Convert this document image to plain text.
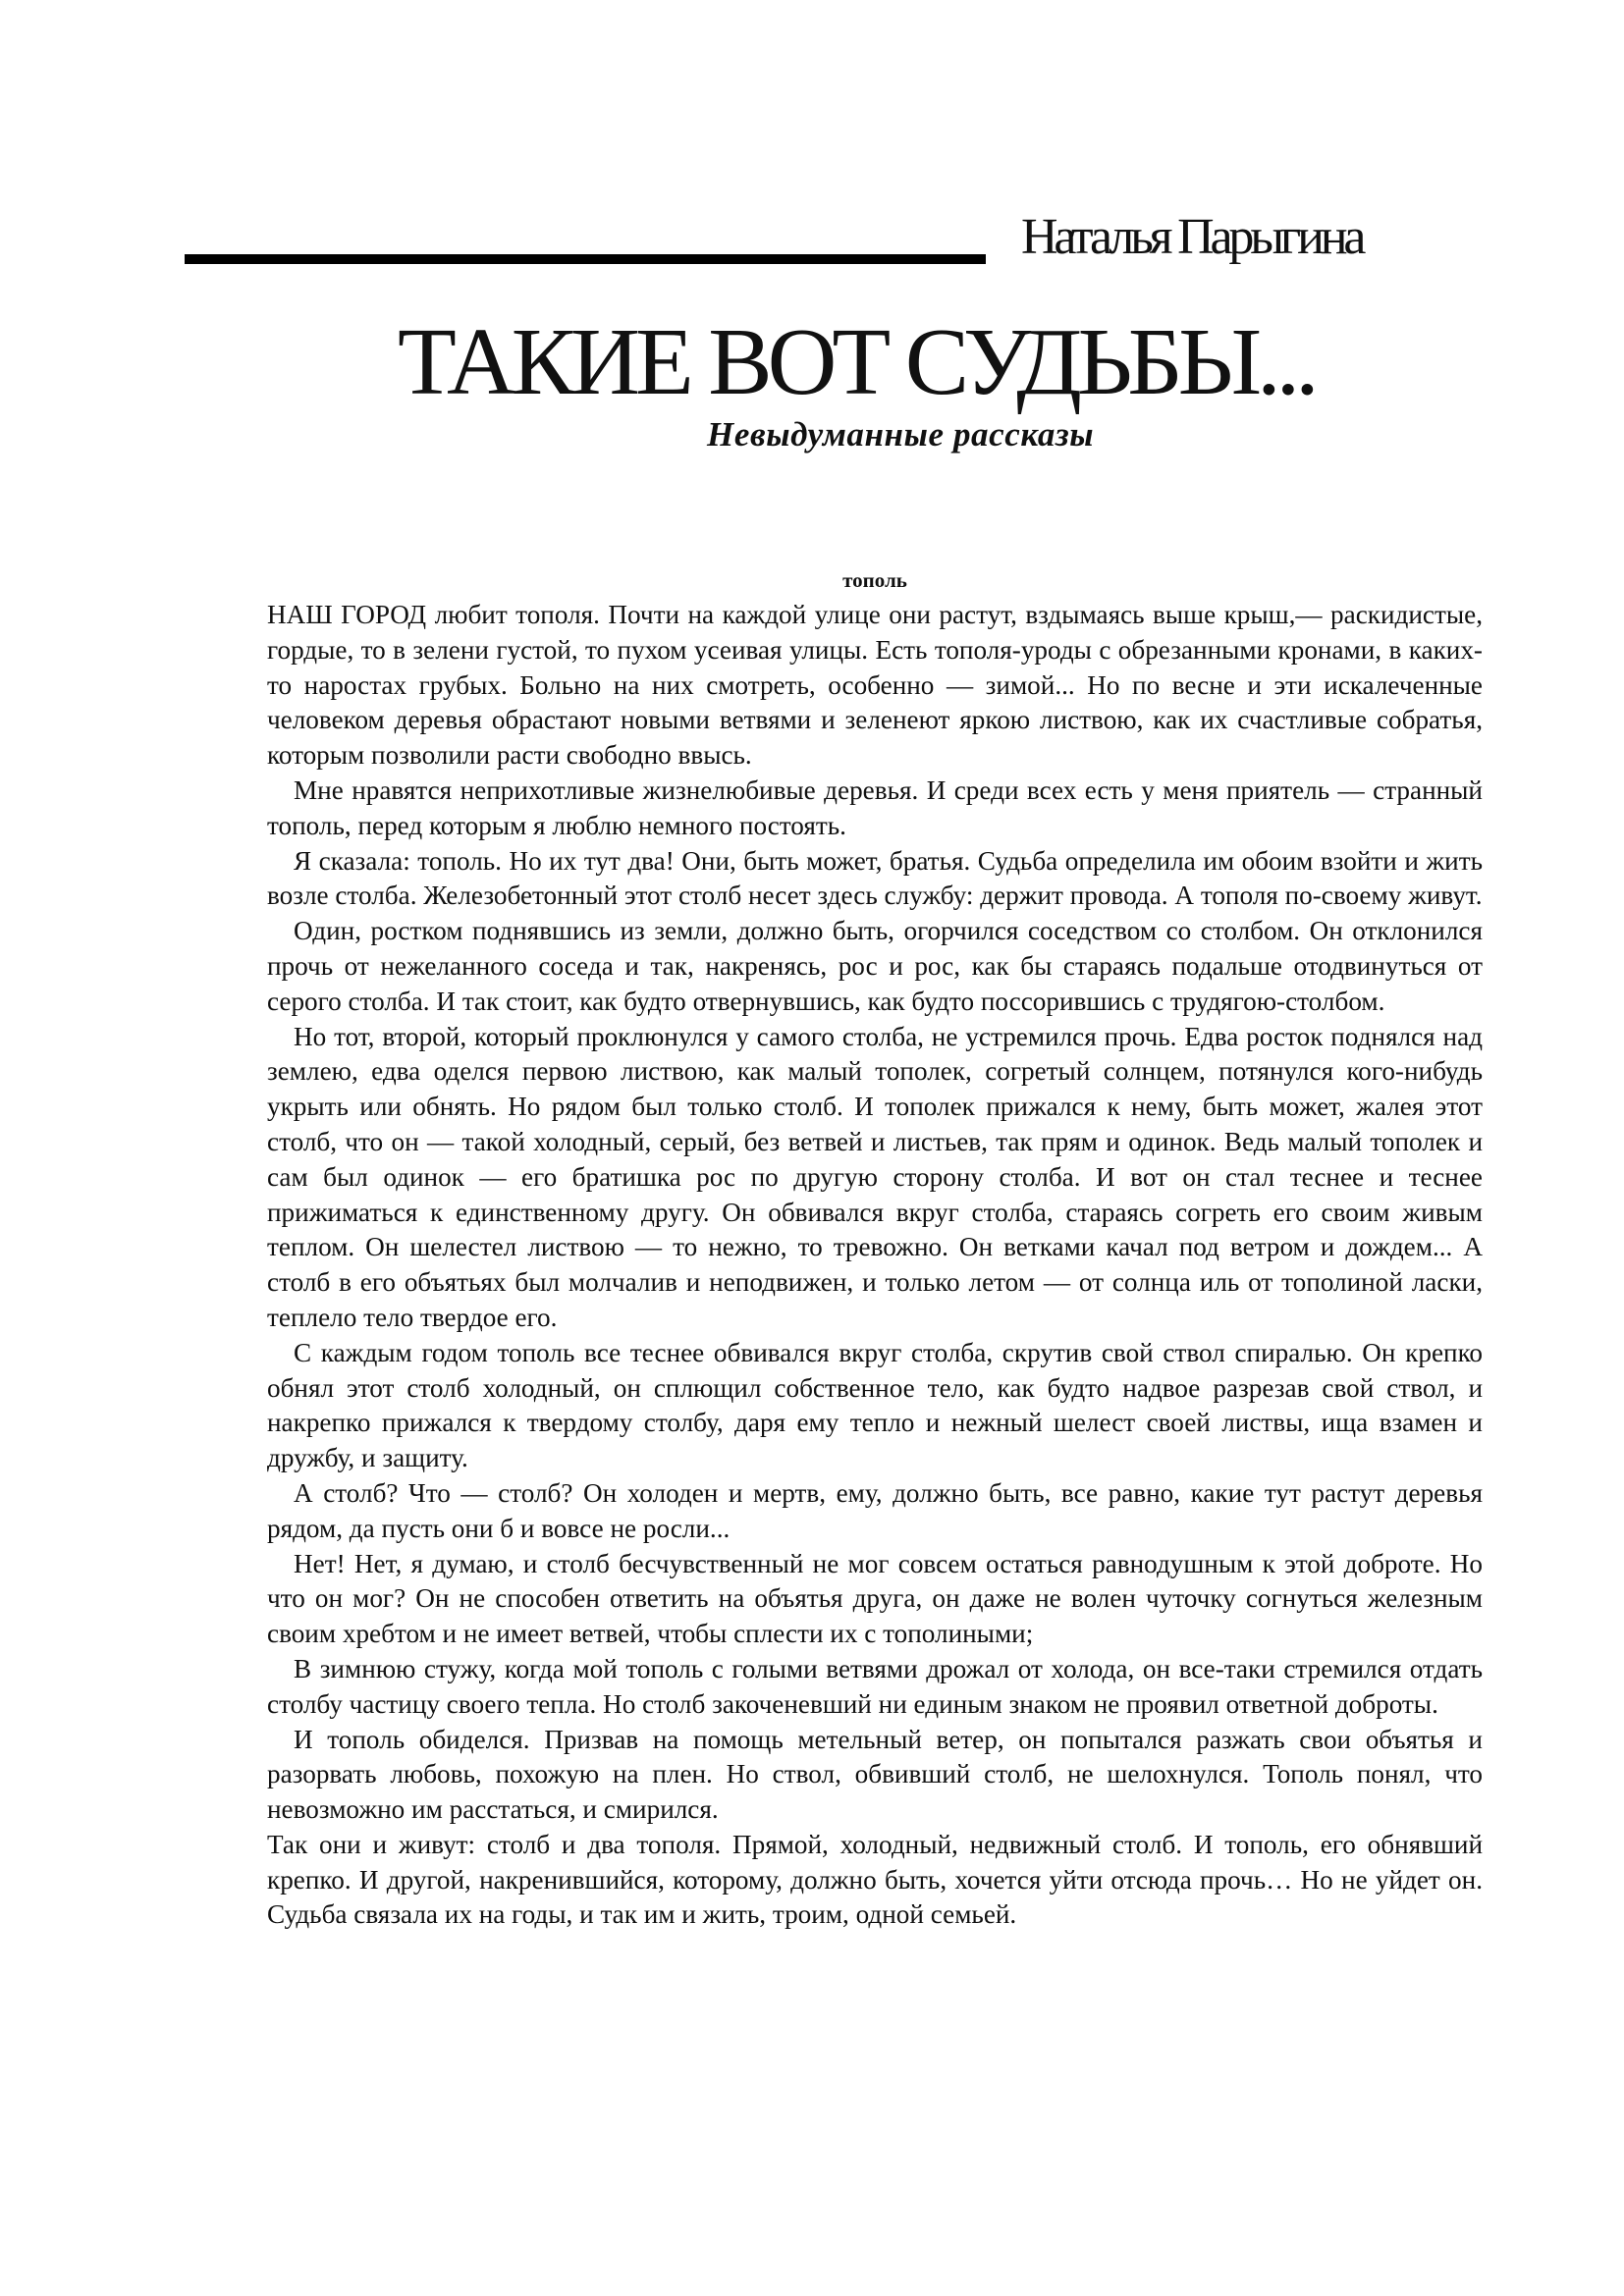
Наталья Парыгина
ТАКИЕ ВОТ СУДЬБЫ...
Невыдуманные рассказы
тополь

НАШ ГОРОД любит тополя. Почти на каждой улице они растут, вздымаясь выше крыш,— раскидистые, гордые, то в зелени густой, то пухом усеивая улицы. Есть тополя-уроды с обрезанными кронами, в каких-то наростах грубых. Больно на них смотреть, особенно — зимой... Но по весне и эти искалеченные человеком деревья обрастают новыми ветвями и зеленеют яркою листвою, как их счастливые собратья, которым позволили расти свободно ввысь.

Мне нравятся неприхотливые жизнелюбивые деревья. И среди всех есть у меня приятель — странный тополь, перед которым я люблю немного постоять.

Я сказала: тополь. Но их тут два! Они, быть может, братья. Судьба определила им обоим взойти и жить возле столба. Железобетонный этот столб несет здесь службу: держит провода. А тополя по-своему живут.

Один, ростком поднявшись из земли, должно быть, огорчился соседством со столбом. Он отклонился прочь от нежеланного соседа и так, накренясь, рос и рос, как бы стараясь подальше отодвинуться от серого столба. И так стоит, как будто отвернувшись, как будто поссорившись с трудягою-столбом.

Но тот, второй, который проклюнулся у самого столба, не устремился прочь. Едва росток поднялся над землею, едва оделся первою листвою, как малый тополек, согретый солнцем, потянулся кого-нибудь укрыть или обнять. Но рядом был только столб. И тополек прижался к нему, быть может, жалея этот столб, что он — такой холодный, серый, без ветвей и листьев, так прям и одинок. Ведь малый тополек и сам был одинок — его братишка рос по другую сторону столба. И вот он стал теснее и теснее прижиматься к единственному другу. Он обвивался вкруг столба, стараясь согреть его своим живым теплом. Он шелестел листвою — то нежно, то тревожно. Он ветками качал под ветром и дождем... А столб в его объятьях был молчалив и неподвижен, и только летом — от солнца иль от тополиной ласки, теплело тело твердое его.

С каждым годом тополь все теснее обвивался вкруг столба, скрутив свой ствол спиралью. Он крепко обнял этот столб холодный, он сплющил собственное тело, как будто надвое разрезав свой ствол, и накрепко прижался к твердому столбу, даря ему тепло и нежный шелест своей листвы, ища взамен и дружбу, и защиту.

А столб? Что — столб? Он холоден и мертв, ему, должно быть, все равно, какие тут растут деревья рядом, да пусть они б и вовсе не росли...

Нет! Нет, я думаю, и столб бесчувственный не мог совсем остаться равнодушным к этой доброте. Но что он мог? Он не способен ответить на объятья друга, он даже не волен чуточку согнуться железным своим хребтом и не имеет ветвей, чтобы сплести их с тополиными;

В зимнюю стужу, когда мой тополь с голыми ветвями дрожал от холода, он все-таки стремился отдать столбу частицу своего тепла. Но столб закоченевший ни единым знаком не проявил ответной доброты.

И тополь обиделся. Призвав на помощь метельный ветер, он попытался разжать свои объятья и разорвать любовь, похожую на плен. Но ствол, обвивший столб, не шелохнулся. Тополь понял, что невозможно им расстаться, и смирился.

Так они и живут: столб и два тополя. Прямой, холодный, недвижный столб. И тополь, его обнявший крепко. И другой, накренившийся, которому, должно быть, хочется уйти отсюда прочь… Но не уйдет он. Судьба связала их на годы, и так им и жить, троим, одной семьей.
